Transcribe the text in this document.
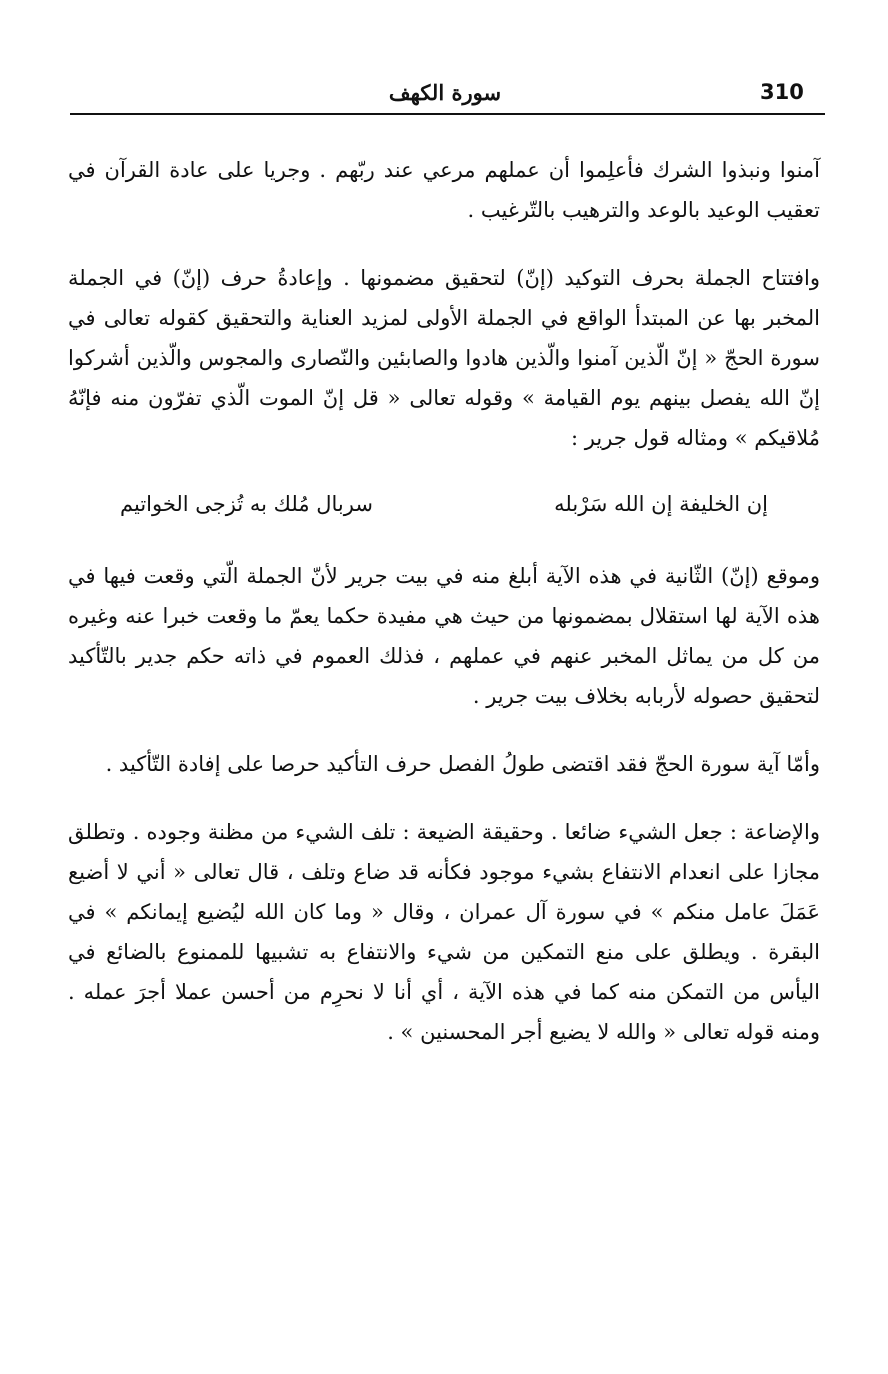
310
سورة الكهف

آمنوا ونبذوا الشرك فأعلِموا أن عملهم مرعي عند ربّهم . وجريا على عادة القرآن في تعقيب الوعيد بالوعد والترهيب بالتّرغيب .

وافتتاح الجملة بحرف التوكيد (إنّ) لتحقيق مضمونها . وإعادةُ حرف (إنّ) في الجملة المخبر بها عن المبتدأ الواقع في الجملة الأولى لمزيد العناية والتحقيق كقوله تعالى في سورة الحجّ « إنّ الّذين آمنوا والّذين هادوا والصابئين والنّصارى والمجوس والّذين أشركوا إنّ الله يفصل بينهم يوم القيامة » وقوله تعالى « قل إنّ الموت الّذي تفرّون منه فإنّهُ مُلاقيكم » ومثاله قول جرير :

إن الخليفة إن الله سَرْبله
سربال مُلك به تُزجى الخواتيم

وموقع (إنّ) الثّانية في هذه الآية أبلغ منه في بيت جرير لأنّ الجملة الّتي وقعت فيها في هذه الآية لها استقلال بمضمونها من حيث هي مفيدة حكما يعمّ ما وقعت خبرا عنه وغيره من كل من يماثل المخبر عنهم في عملهم ، فذلك العموم في ذاته حكم جدير بالتّأكيد لتحقيق حصوله لأربابه بخلاف بيت جرير .

وأمّا آية سورة الحجّ فقد اقتضى طولُ الفصل حرف التأكيد حرصا على إفادة التّأكيد .

والإضاعة : جعل الشيء ضائعا . وحقيقة الضيعة : تلف الشيء من مظنة وجوده . وتطلق مجازا على انعدام الانتفاع بشيء موجود فكأنه قد ضاع وتلف ، قال تعالى « أني لا أضيع عَمَلَ عامل منكم » في سورة آل عمران ، وقال « وما كان الله ليُضيع إيمانكم » في البقرة . ويطلق على منع التمكين من شيء والانتفاع به تشبيها للممنوع بالضائع في اليأس من التمكن منه كما في هذه الآية ، أي أنا لا نحرِم من أحسن عملا أجرَ عمله . ومنه قوله تعالى « والله لا يضيع أجر المحسنين » .
